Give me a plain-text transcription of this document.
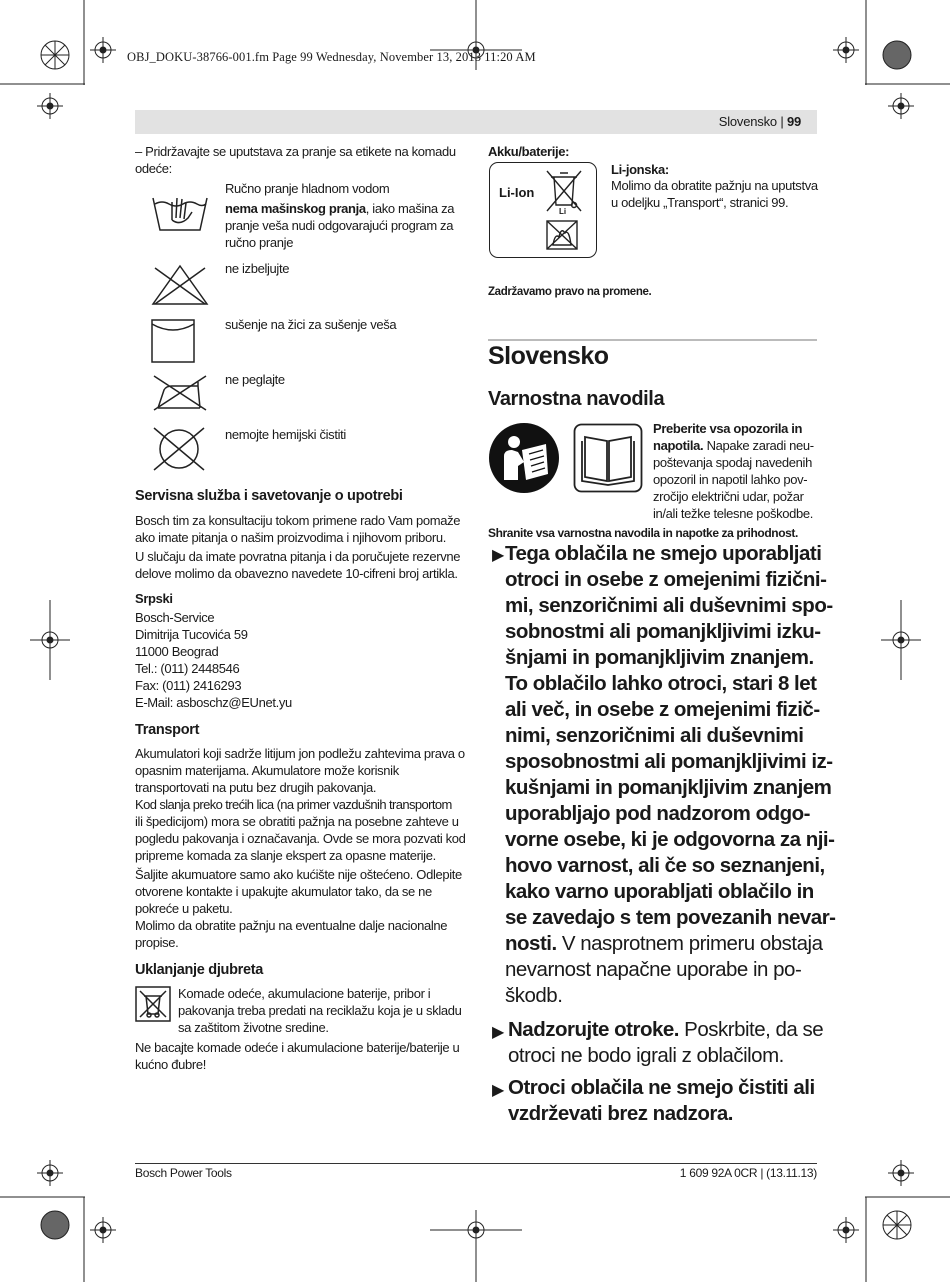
OBJ_DOKU-38766-001.fm Page 99 Wednesday, November 13, 2013 11:20 AM
Slovensko | 99
– Pridržavajte se uputstava za pranje sa etikete na komadu odeće:
Ručno pranje hladnom vodom
nema mašinskog pranja, iako mašina za
pranje veša nudi odgovarajući program za
ručno pranje
ne izbeljujte
sušenje na žici za sušenje veša
ne peglajte
nemojte hemijski čistiti
Servisna služba i savetovanje o upotrebi
Bosch tim za konsultaciju tokom primene rado Vam pomaže
ako imate pitanja o našim proizvodima i njihovom priboru.
U slučaju da imate povratna pitanja i da poručujete rezervne
delove molimo da obavezno navedete 10-cifreni broj artikla.
Srpski
Bosch-Service
Dimitrija Tucovića 59
11000 Beograd
Tel.: (011) 2448546
Fax: (011) 2416293
E-Mail: asboschz@EUnet.yu
Transport
Akumulatori koji sadrže litijum jon podležu zahtevima prava o
opasnim materijama. Akumulatore može korisnik
transportovati na putu bez drugih pakovanja.
Kod slanja preko trećih lica (na primer vazdušnih transportom
ili špedicijom) mora se obratiti pažnja na posebne zahteve u
pogledu pakovanja i označavanja. Ovde se mora pozvati kod
pripreme komada za slanje ekspert za opasne materije.
Šaljite akumuatore samo ako kućište nije oštećeno. Odlepite
otvorene kontakte i upakujte akumulator tako, da se ne
pokreće u paketu.
Molimo da obratite pažnju na eventualne dalje nacionalne
propise.
Uklanjanje djubreta
Komade odeće, akumulacione baterije, pribor i
pakovanja treba predati na reciklažu koja je u skladu
sa zaštitom životne sredine.
Ne bacajte komade odeće i akumulacione baterije/baterije u
kućno đubre!
Akku/baterije:
Li-Ion
Li
Li-jonska:
Molimo da obratite pažnju na uputstva
u odeljku „Transport“, stranici 99.
Zadržavamo pravo na promene.
Slovensko
Varnostna navodila
Preberite vsa opozorila in
napotila. Napake zaradi neu-
poštevanja spodaj navedenih
opozoril in napotil lahko pov-
zročijo električni udar, požar
in/ali težke telesne poškodbe.
Shranite vsa varnostna navodila in napotke za prihodnost.
▶ Tega oblačila ne smejo uporabljati
otroci in osebe z omejenimi fizični-
mi, senzoričnimi ali duševnimi spo-
sobnostmi ali pomanjkljivimi izku-
šnjami in pomanjkljivim znanjem.
To oblačilo lahko otroci, stari 8 let
ali več, in osebe z omejenimi fizič-
nimi, senzoričnimi ali duševnimi
sposobnostmi ali pomanjkljivimi iz-
kušnjami in pomanjkljivim znanjem
uporabljajo pod nadzorom odgo-
vorne osebe, ki je odgovorna za nji-
hovo varnost, ali če so seznanjeni,
kako varno uporabljati oblačilo in
se zavedajo s tem povezanih nevar-
nosti. V nasprotnem primeru obstaja
nevarnost napačne uporabe in po-
škodb.
▶ Nadzorujte otroke. Poskrbite, da se
otroci ne bodo igrali z oblačilom.
▶ Otroci oblačila ne smejo čistiti ali
vzdrževati brez nadzora.
Bosch Power Tools	1 609 92A 0CR | (13.11.13)
